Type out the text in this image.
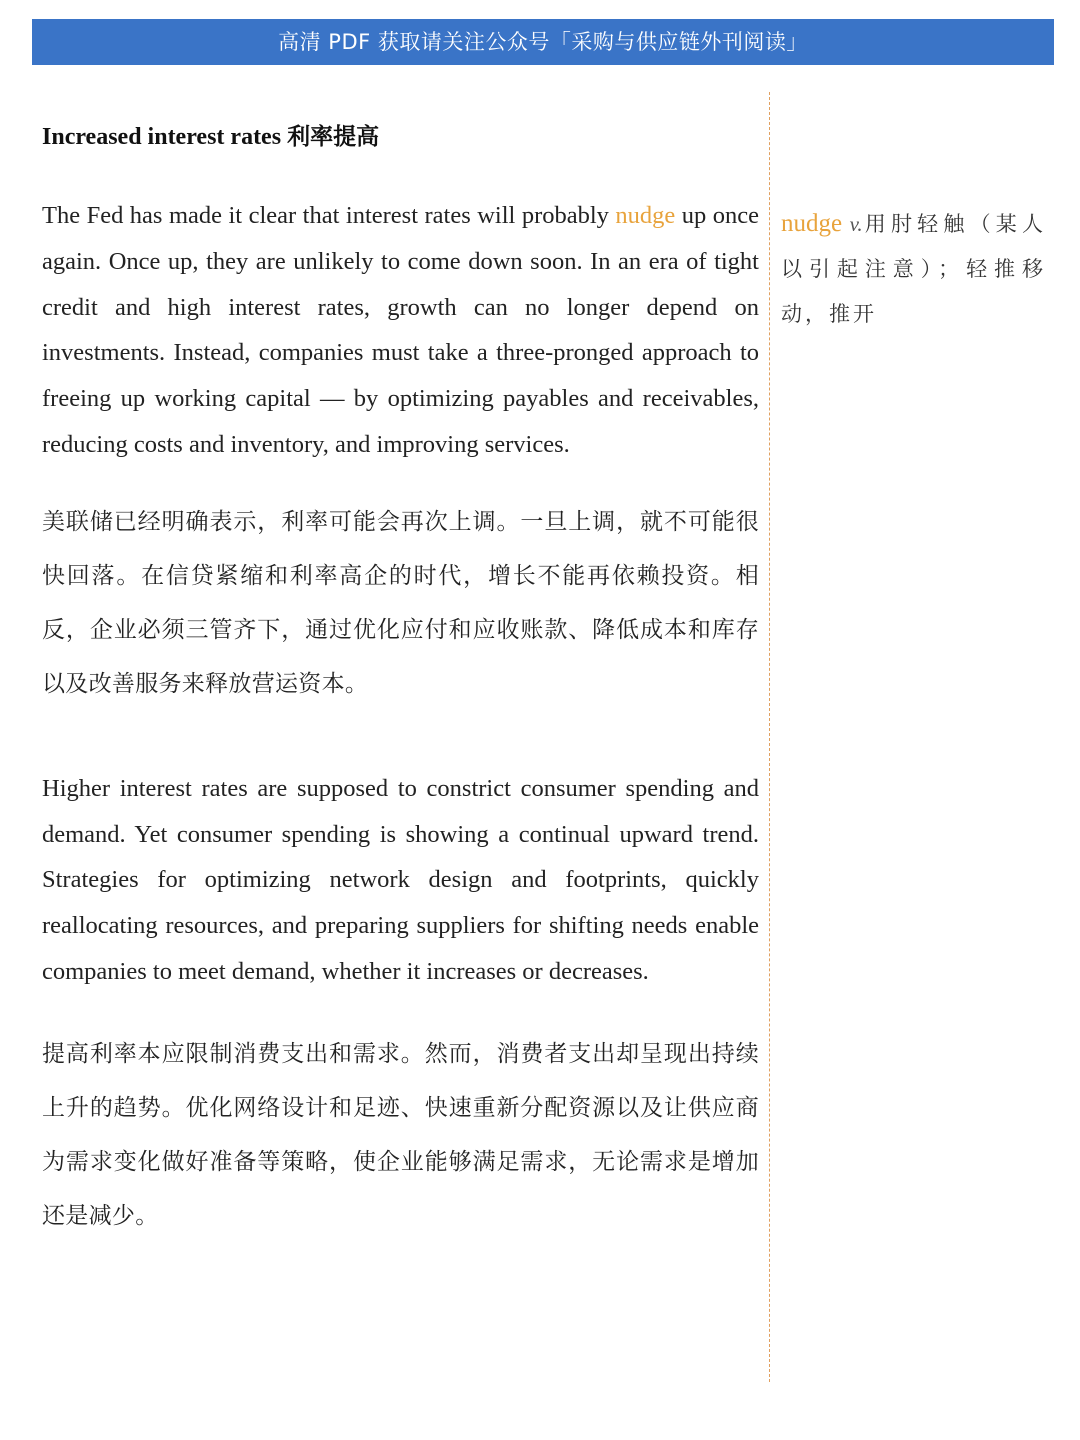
高清 PDF 获取请关注公众号「采购与供应链外刊阅读」
Increased interest rates 利率提高

The Fed has made it clear that interest rates will probably nudge up once again. Once up, they are unlikely to come down soon. In an era of tight credit and high interest rates, growth can no longer depend on investments. Instead, companies must take a three-pronged approach to freeing up working capital — by optimizing payables and receivables, reducing costs and inventory, and improving services.

美联储已经明确表示，利率可能会再次上调。一旦上调，就不可能很快回落。在信贷紧缩和利率高企的时代，增长不能再依赖投资。相反，企业必须三管齐下，通过优化应付和应收账款、降低成本和库存以及改善服务来释放营运资本。

Higher interest rates are supposed to constrict consumer spending and demand. Yet consumer spending is showing a continual upward trend. Strategies for optimizing network design and footprints, quickly reallocating resources, and preparing suppliers for shifting needs enable companies to meet demand, whether it increases or decreases.

提高利率本应限制消费支出和需求。然而，消费者支出却呈现出持续上升的趋势。优化网络设计和足迹、快速重新分配资源以及让供应商为需求变化做好准备等策略，使企业能够满足需求，无论需求是增加还是减少。

nudge v.用肘轻触（某人以引起注意）；轻推移动，推开
